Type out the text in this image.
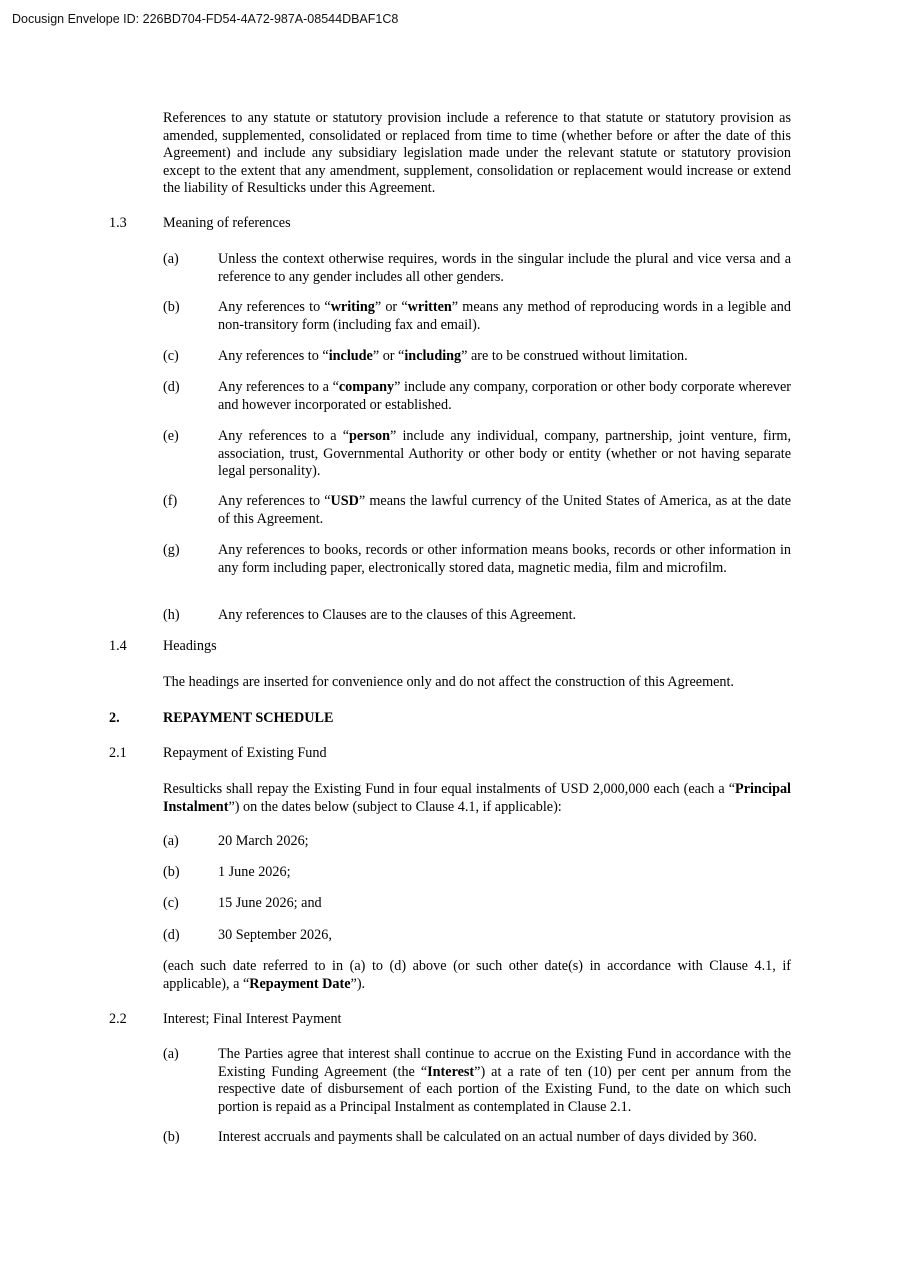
Docusign Envelope ID: 226BD704-FD54-4A72-987A-08544DBAF1C8
References to any statute or statutory provision include a reference to that statute or statutory provision as amended, supplemented, consolidated or replaced from time to time (whether before or after the date of this Agreement) and include any subsidiary legislation made under the relevant statute or statutory provision except to the extent that any amendment, supplement, consolidation or replacement would increase or extend the liability of Resulticks under this Agreement.
1.3	Meaning of references
(a)	Unless the context otherwise requires, words in the singular include the plural and vice versa and a reference to any gender includes all other genders.
(b)	Any references to “writing” or “written” means any method of reproducing words in a legible and non-transitory form (including fax and email).
(c)	Any references to “include” or “including” are to be construed without limitation.
(d)	Any references to a “company” include any company, corporation or other body corporate wherever and however incorporated or established.
(e)	Any references to a “person” include any individual, company, partnership, joint venture, firm, association, trust, Governmental Authority or other body or entity (whether or not having separate legal personality).
(f)	Any references to “USD” means the lawful currency of the United States of America, as at the date of this Agreement.
(g)	Any references to books, records or other information means books, records or other information in any form including paper, electronically stored data, magnetic media, film and microfilm.
(h)	Any references to Clauses are to the clauses of this Agreement.
1.4	Headings
The headings are inserted for convenience only and do not affect the construction of this Agreement.
2.	REPAYMENT SCHEDULE
2.1	Repayment of Existing Fund
Resulticks shall repay the Existing Fund in four equal instalments of USD 2,000,000 each (each a “Principal Instalment”) on the dates below (subject to Clause 4.1, if applicable):
(a)	20 March 2026;
(b)	1 June 2026;
(c)	15 June 2026; and
(d)	30 September 2026,
(each such date referred to in (a) to (d) above (or such other date(s) in accordance with Clause 4.1, if applicable), a “Repayment Date”).
2.2	Interest; Final Interest Payment
(a)	The Parties agree that interest shall continue to accrue on the Existing Fund in accordance with the Existing Funding Agreement (the “Interest”) at a rate of ten (10) per cent per annum from the respective date of disbursement of each portion of the Existing Fund, to the date on which such portion is repaid as a Principal Instalment as contemplated in Clause 2.1.
(b)	Interest accruals and payments shall be calculated on an actual number of days divided by 360.
